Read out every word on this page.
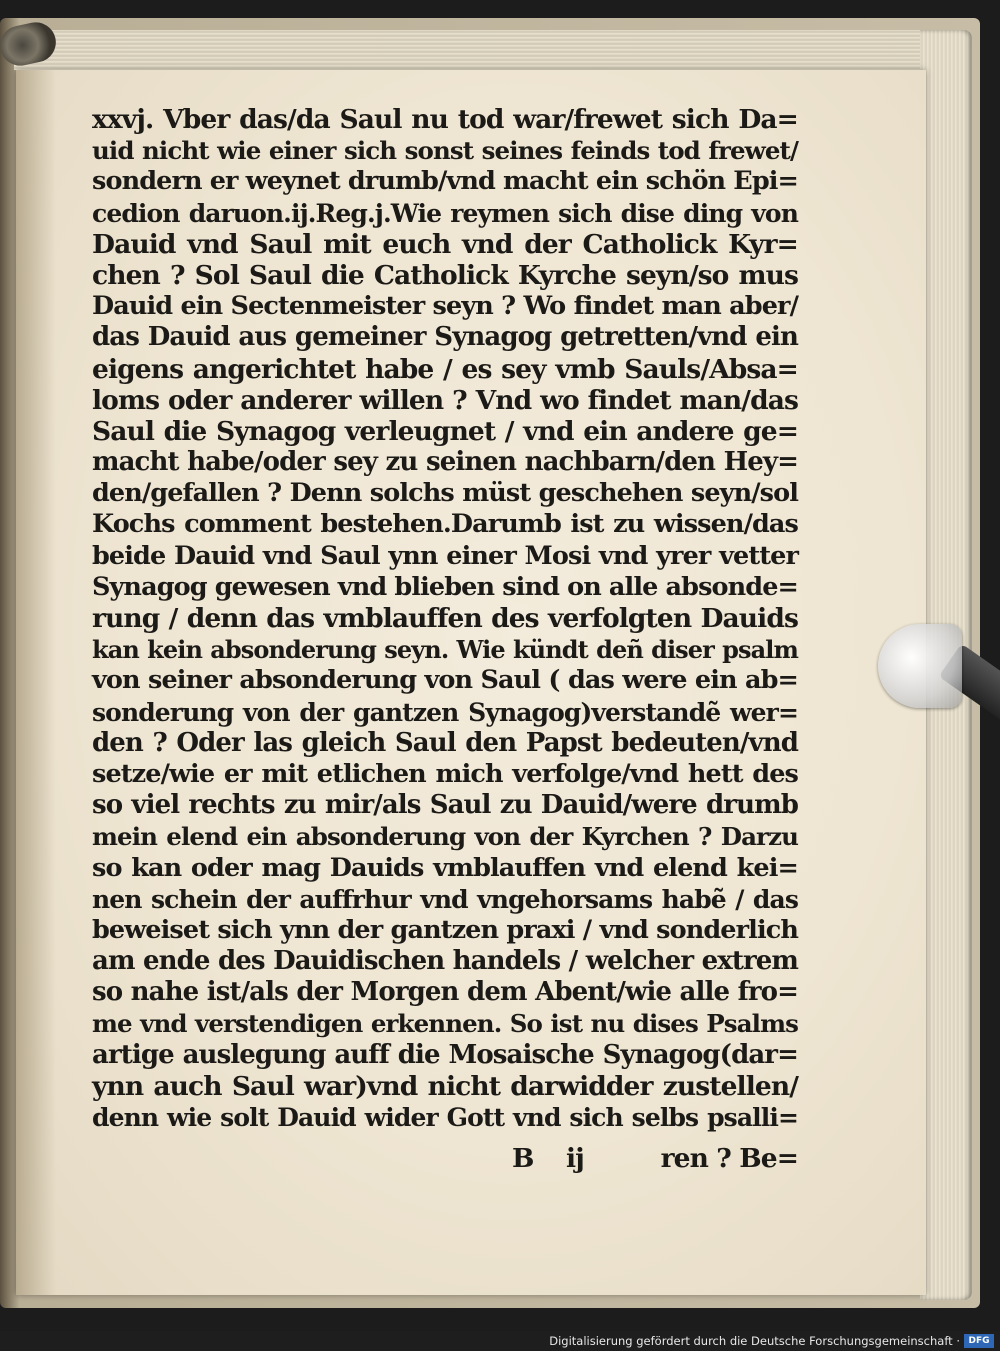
xxvj. Vber das/da Saul nu tod war/frewet sich Da=
uid nicht wie einer sich sonst seines feinds tod frewet/
sondern er weynet drumb/vnd macht ein schön Epi=
cedion daruon.ij.Reg.j.Wie reymen sich dise ding von
Dauid vnd Saul mit euch vnd der Catholick Kyr=
chen ? Sol Saul die Catholick Kyrche seyn/so mus
Dauid ein Sectenmeister seyn ? Wo findet man aber/
das Dauid aus gemeiner Synagog getretten/vnd ein
eigens angerichtet habe / es sey vmb Sauls/Absa=
loms oder anderer willen ? Vnd wo findet man/das
Saul die Synagog verleugnet / vnd ein andere ge=
macht habe/oder sey zu seinen nachbarn/den Hey=
den/gefallen ? Denn solchs müst geschehen seyn/sol
Kochs comment bestehen.Darumb ist zu wissen/das
beide Dauid vnd Saul ynn einer Mosi vnd yrer vetter
Synagog gewesen vnd blieben sind on alle absonde=
rung / denn das vmblauffen des verfolgten Dauids
kan kein absonderung seyn. Wie kündt deñ diser psalm
von seiner absonderung von Saul ( das were ein ab=
sonderung von der gantzen Synagog)verstandẽ wer=
den ? Oder las gleich Saul den Papst bedeuten/vnd
setze/wie er mit etlichen mich verfolge/vnd hett des
so viel rechts zu mir/als Saul zu Dauid/were drumb
mein elend ein absonderung von der Kyrchen ? Darzu
so kan oder mag Dauids vmblauffen vnd elend kei=
nen schein der auffrhur vnd vngehorsams habẽ / das
beweiset sich ynn der gantzen praxi / vnd sonderlich
am ende des Dauidischen handels / welcher extrem
so nahe ist/als der Morgen dem Abent/wie alle fro=
me vnd verstendigen erkennen. So ist nu dises Psalms
artige auslegung auff die Mosaische Synagog(dar=
ynn auch Saul war)vnd nicht darwidder zustellen/
denn wie solt Dauid wider Gott vnd sich selbs psalli=
B ij	ren ? Be=
Digitalisierung gefördert durch die Deutsche Forschungsgemeinschaft · DFG
